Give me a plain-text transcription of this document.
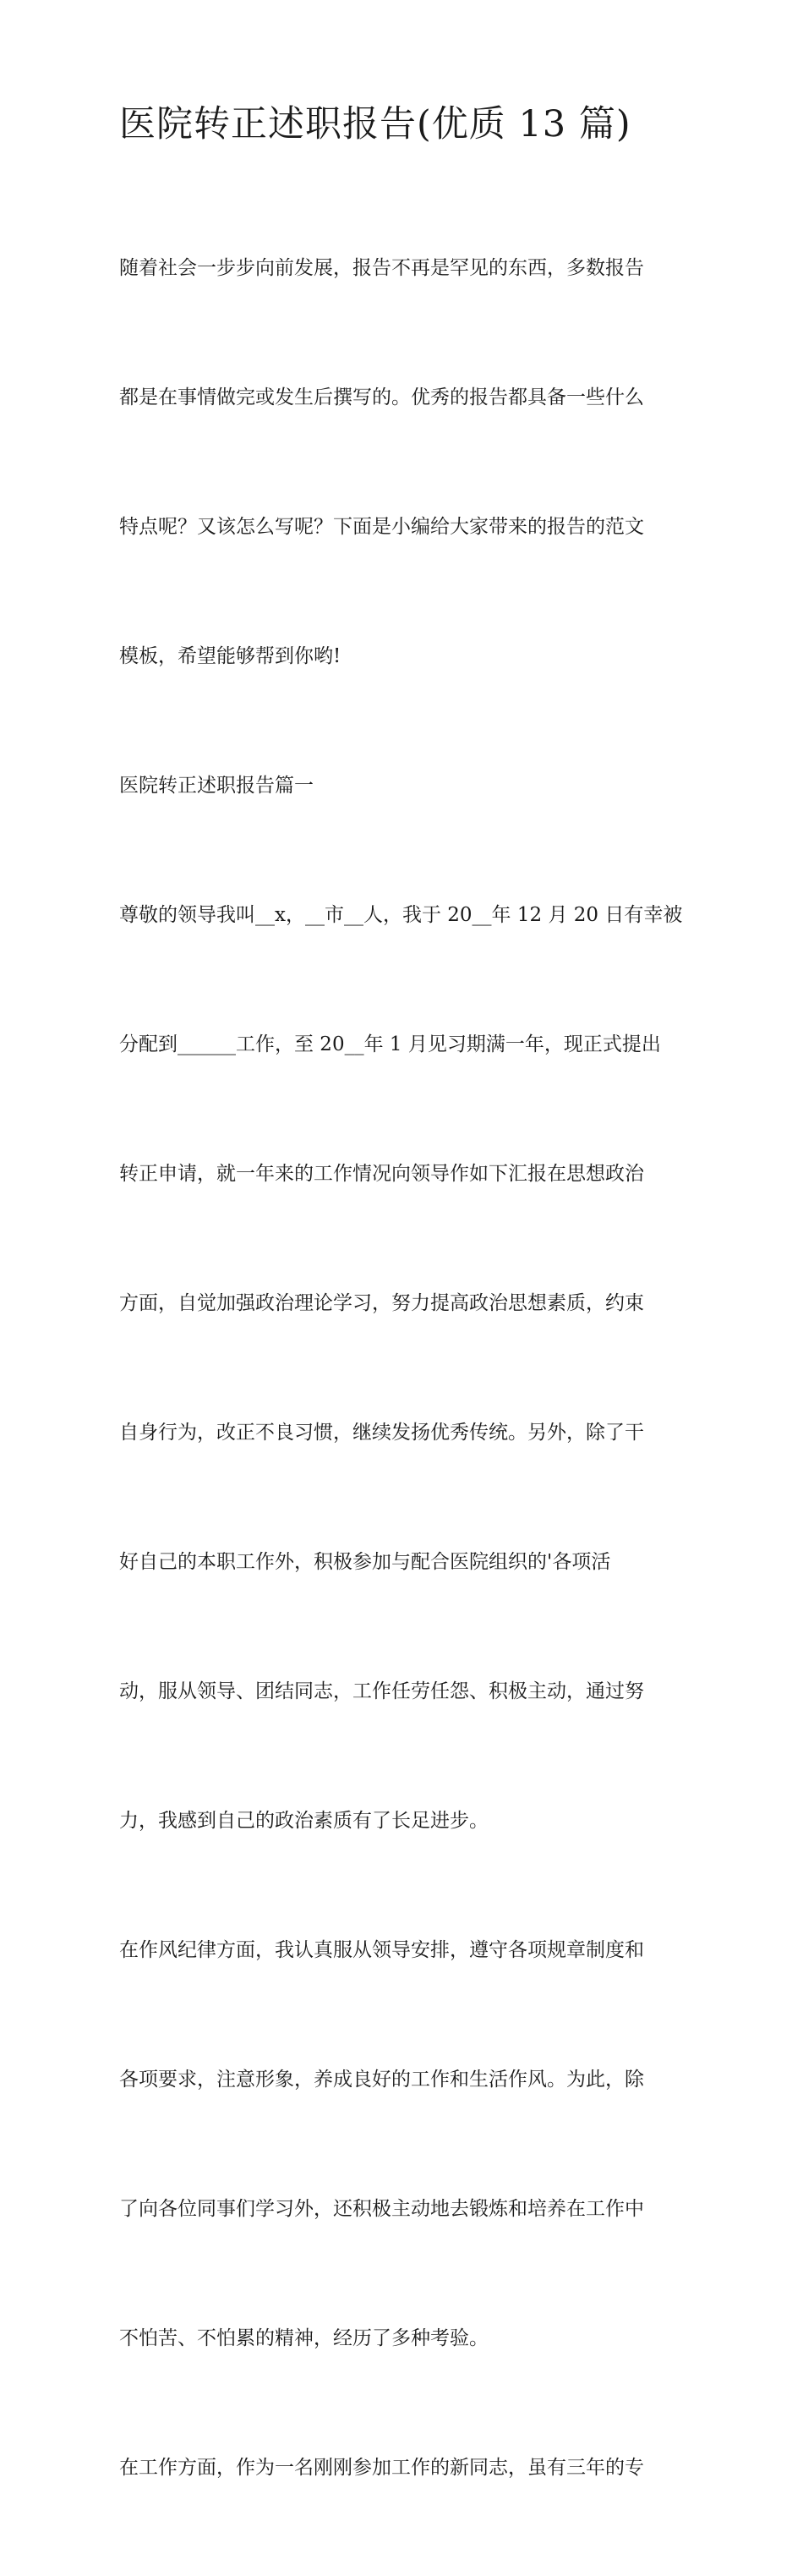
医院转正述职报告(优质 13 篇)

随着社会一步步向前发展，报告不再是罕见的东西，多数报告

都是在事情做完或发生后撰写的。优秀的报告都具备一些什么

特点呢？又该怎么写呢？下面是小编给大家带来的报告的范文

模板，希望能够帮到你哟!

医院转正述职报告篇一

尊敬的领导我叫__x，__市__人，我于 20__年 12 月 20 日有幸被

分配到______工作，至 20__年 1 月见习期满一年，现正式提出

转正申请，就一年来的工作情况向领导作如下汇报在思想政治

方面，自觉加强政治理论学习，努力提高政治思想素质，约束

自身行为，改正不良习惯，继续发扬优秀传统。另外，除了干

好自己的本职工作外，积极参加与配合医院组织的'各项活

动，服从领导、团结同志，工作任劳任怨、积极主动，通过努

力，我感到自己的政治素质有了长足进步。

在作风纪律方面，我认真服从领导安排，遵守各项规章制度和

各项要求，注意形象，养成良好的工作和生活作风。为此，除

了向各位同事们学习外，还积极主动地去锻炼和培养在工作中

不怕苦、不怕累的精神，经历了多种考验。

在工作方面，作为一名刚刚参加工作的新同志，虽有三年的专
